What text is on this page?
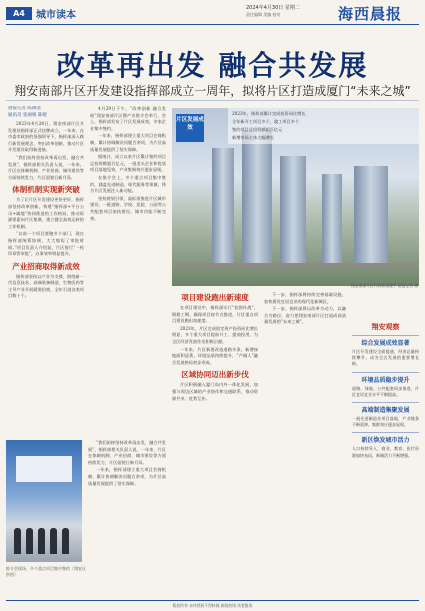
A4	城市读本
2024年4月30日 星期二
责任编辑 美编 校对	海西晨报
改革再出发 融合共发展
翔安南部片区开发建设指挥部成立一周年，拟将片区打造成厦门“未来之城”
晨报记者 陈锦清
通讯员 张丽娟 陈媛

2023年4月28日，翔安南部片区开发建设指挥部正式挂牌成立，一年来，在市委市政府的坚强领导下，指挥部深入践行新发展理念，突出改革创新，推动片区开发建设取得新进展。

“我们始终坚持改革再出发、融合共发展”，指挥部相关负责人说，一年来，片区在体制机制、产业招商、城市建设等方面持续发力，片区面貌日新月异。

体制机制实现新突破

为了让片区开发建设更快更好，指挥部坚持改革创新，构建“指挥部+平台公司+属地”协同推进的工作格局，推动资源要素向片区集聚，建立健全高效运转的工作机制。

“以前一个项目要跑多个部门，现在指挥部统筹协调，大大缩短了审批时间。”项目负责人介绍说，片区推行“一枚印章管审批”，办事效率明显提升。

产业招商取得新成效

指挥部坚持以产业为支撑，围绕新一代信息技术、高端装备制造、生物医药等主导产业开展精准招商，全年引进各类项目数十个。

4月29日下午，“改革创新 融合发展”翔安南部片区暨产业推介会举行，会上，指挥部发布了片区发展成效，多家企业集中签约。

一年来，指挥部建立重大项目会商机制，累计协调解决问题百余项，为片区高质量发展提供了坚实保障。

据统计，成立以来片区累计签约项目总投资额超百亿元，一批龙头企业和优质项目落地见效，产业集聚效应逐步显现。

在推介会上，多个重点项目集中签约，涵盖先进制造、现代服务等领域，将为片区发展注入新动能。

坚持规划引领，高标准推进片区城市建设，一批道路、学校、医院、公园等公共配套项目加快建设，城市功能不断完善。

片区发展成效
2023年，指挥部累计完成投资同比增长
全年新开工项目多个，竣工项目多个
签约项目总投资额超百亿元
新增市场主体大幅增长
翔安南部片区内的新建楼宇 晨报记者 摄
项目建设跑出新速度

在项目建设中，指挥部实行“挂图作战”，倒排工期，确保项目按节点推进，片区重点项目建设跑出加速度。

2023年，片区完成固定资产投资同比增长明显，多个重大项目提前开工、提前投用，为全区经济发展作出积极贡献。

一年来，片区新建改造道路多条，新增绿地面积显著，环境品质持续提升，“产城人”融合发展格局初步形成。

区域协同迈出新步伐

片区积极融入厦门岛内外一体化发展，加强与周边区域的产业协作和交通联系，推动资源共享、优势互补。

下一步，指挥部将持续完善基础设施，加快建设宜居宜业的现代化新城区。

下一步，指挥部将以改革为动力，以融合为路径，奋力把翔安南部片区打造成高质量发展的“未来之城”。

推介会现场，多个重点项目集中签约（翔安区供图）

“我们始终坚持改革再出发、融合共发展”，指挥部相关负责人说，一年来，片区在体制机制、产业招商、城市建设等方面持续发力，片区面貌日新月异。

一年来，指挥部建立重大项目会商机制，累计协调解决问题百余项，为片区高质量发展提供了坚实保障。

翔安观察
综合发展成效显著
片区开发建设全面提速，经济总量持续攀升，成为全区发展的重要增长极。
环境品质稳步提升
道路、绿地、公共配套同步推进，片区宜居宜业水平不断提高。
高端制造集聚发展
一批先进制造业项目落地，产业链条不断延伸，集群效应逐步显现。
新区焕发城市活力
人口持续导入，商业、教育、医疗资源加快布局，新城活力不断增强。
版权所有 未经授权不得转载 新闻热线 读者服务
